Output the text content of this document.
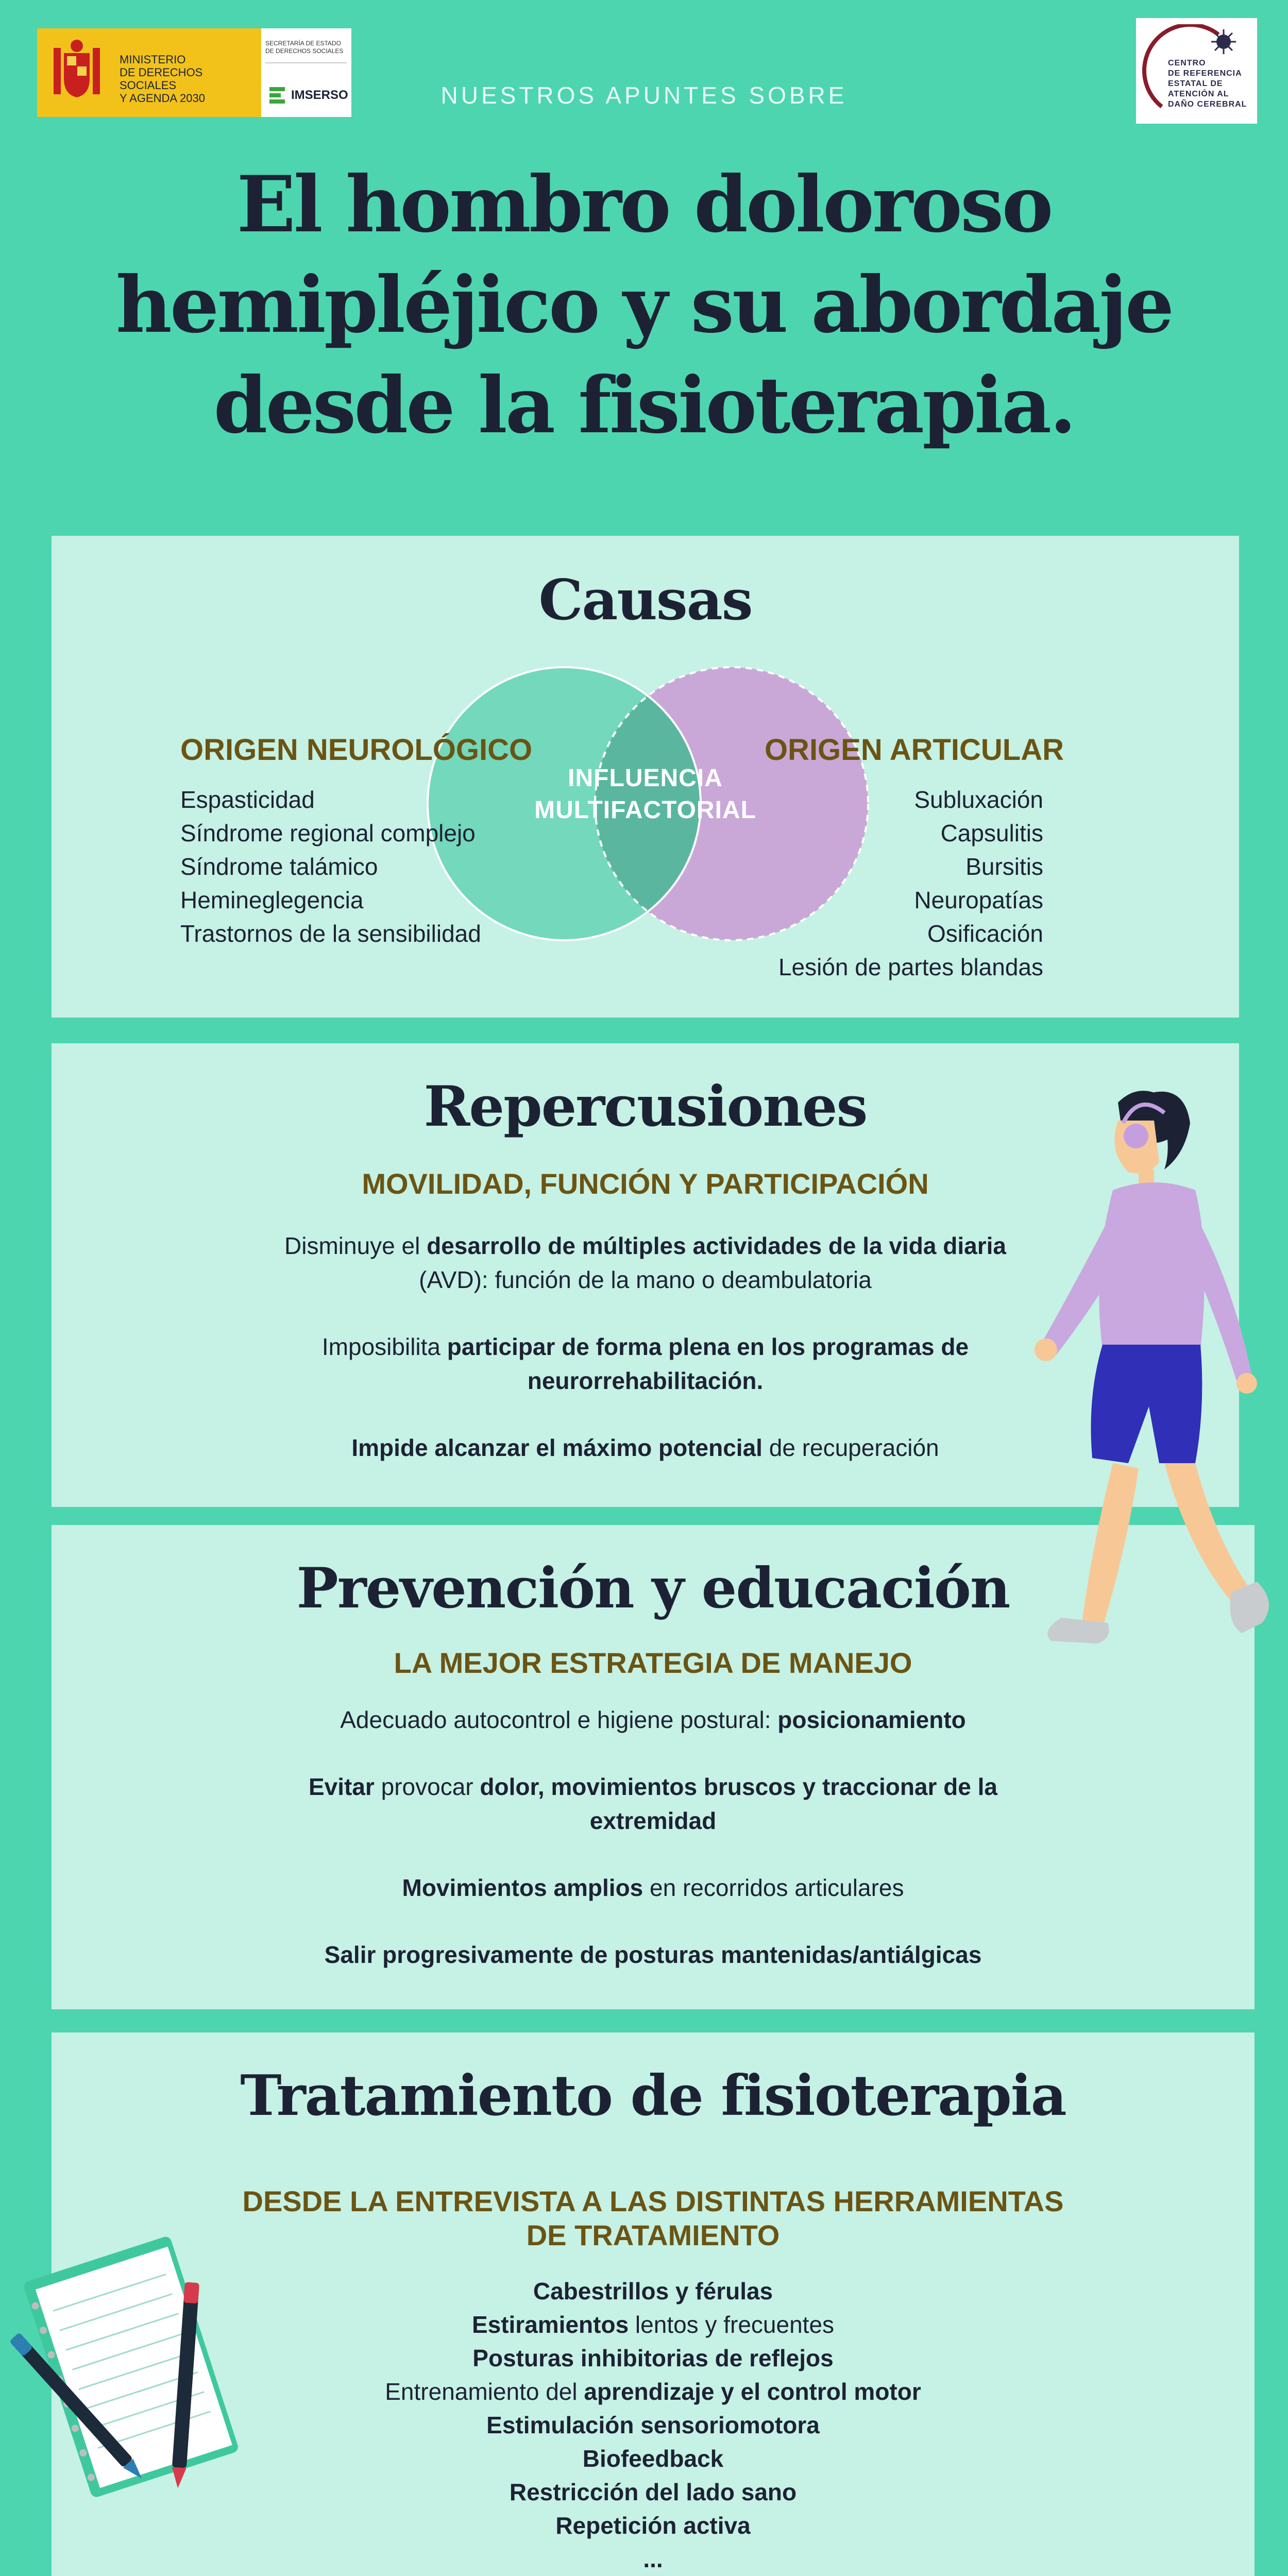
MINISTERIO
DE DERECHOS SOCIALES
Y AGENDA 2030
SECRETARÍA DE ESTADO
DE DERECHOS SOCIALES
IMSERSO	NUESTROS APUNTES SOBRE
CENTRO
DE REFERENCIA
ESTATAL DE
ATENCIÓN AL
DAÑO CEREBRAL
El hombro doloroso
hemipléjico y su abordaje
desde la fisioterapia.
Causas
INFLUENCIA
MULTIFACTORIAL
ORIGEN NEUROLÓGICO
Espasticidad
Síndrome regional complejo
Síndrome talámico
Hemineglegencia
Trastornos de la sensibilidad
ORIGEN ARTICULAR
Subluxación
Capsulitis
Bursitis
Neuropatías
Osificación
Lesión de partes blandas
Repercusiones
MOVILIDAD, FUNCIÓN Y PARTICIPACIÓN

Disminuye el desarrollo de múltiples actividades de la vida diaria
(AVD): función de la mano o deambulatoria

Imposibilita participar de forma plena en los programas de
neurorrehabilitación.

Impide alcanzar el máximo potencial de recuperación

Prevención y educación
LA MEJOR ESTRATEGIA DE MANEJO

Adecuado autocontrol e higiene postural: posicionamiento

Evitar provocar dolor, movimientos bruscos y traccionar de la
extremidad

Movimientos amplios en recorridos articulares

Salir progresivamente de posturas mantenidas/antiálgicas

Tratamiento de fisioterapia
DESDE LA ENTREVISTA A LAS DISTINTAS HERRAMIENTAS
DE TRATAMIENTO
Cabestrillos y férulas
Estiramientos lentos y frecuentes
Posturas inhibitorias de reflejos
Entrenamiento del aprendizaje y el control motor
Estimulación sensoriomotora
Biofeedback
Restricción del lado sano
Repetición activa
...
